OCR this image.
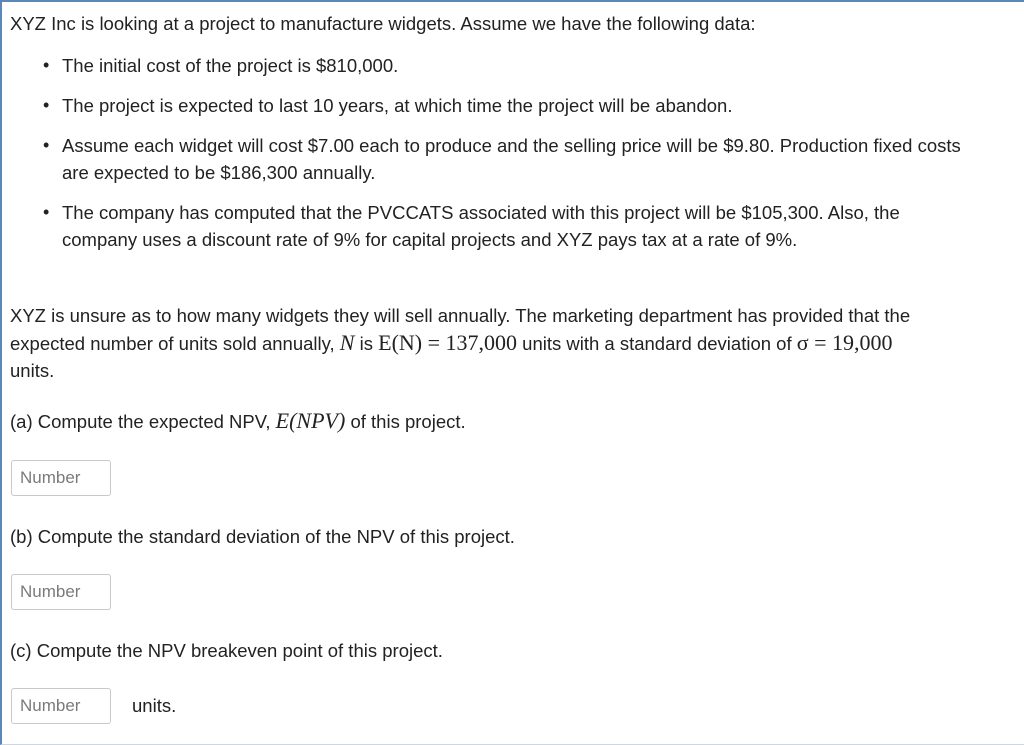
XYZ Inc is looking at a project to manufacture widgets. Assume we have the following data:
• The initial cost of the project is $810,000.
• The project is expected to last 10 years, at which time the project will be abandon.
• Assume each widget will cost $7.00 each to produce and the selling price will be $9.80. Production fixed costs are expected to be $186,300 annually.
• The company has computed that the PVCCATS associated with this project will be $105,300. Also, the company uses a discount rate of 9% for capital projects and XYZ pays tax at a rate of 9%.
XYZ is unsure as to how many widgets they will sell annually. The marketing department has provided that the expected number of units sold annually, N is E(N) = 137,000 units with a standard deviation of σ = 19,000 units.
(a) Compute the expected NPV, E(NPV) of this project.
Number
(b) Compute the standard deviation of the NPV of this project.
Number
(c) Compute the NPV breakeven point of this project.
Number
units.
